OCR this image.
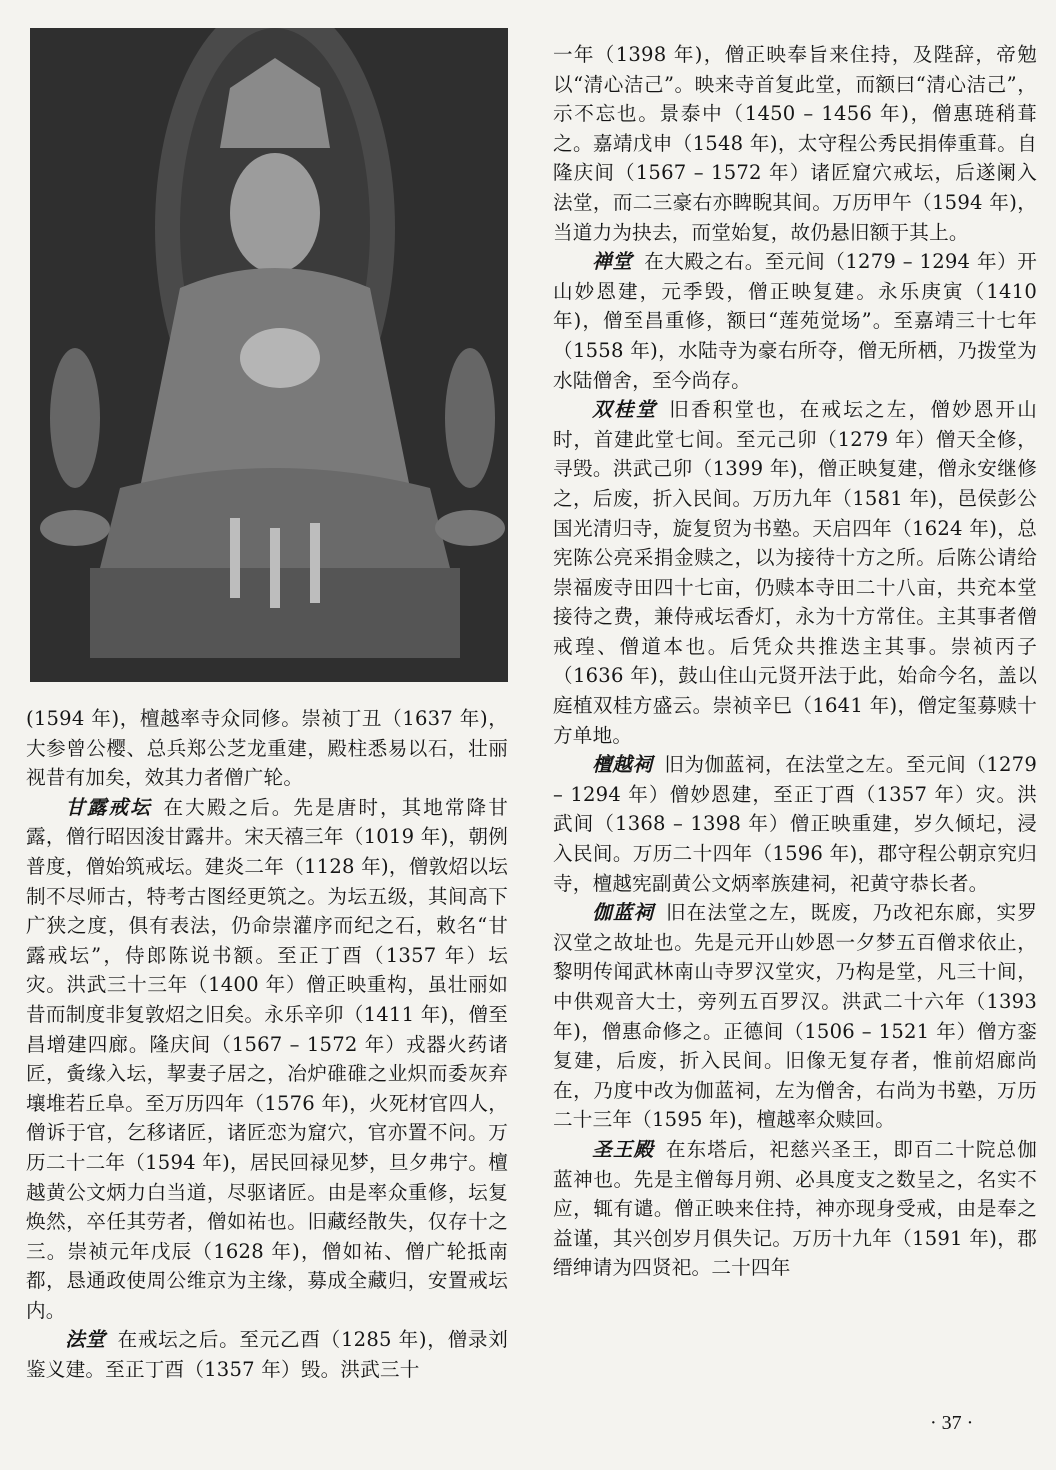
(1594 年)，檀越率寺众同修。崇祯丁丑（1637 年)，大参曾公樱、总兵郑公芝龙重建，殿柱悉易以石，壮丽视昔有加矣，效其力者僧广轮。

甘露戒坛 在大殿之后。先是唐时，其地常降甘露，僧行昭因浚甘露井。宋天禧三年（1019 年)，朝例普度，僧始筑戒坛。建炎二年（1128 年)，僧敦炤以坛制不尽师古，特考古图经更筑之。为坛五级，其间高下广狭之度，俱有表法，仍命崇灌序而纪之石，敕名“甘露戒坛”，侍郎陈说书额。至正丁酉（1357 年）坛灾。洪武三十三年（1400 年）僧正映重构，虽壮丽如昔而制度非复敦炤之旧矣。永乐辛卯（1411 年)，僧至昌增建四廊。隆庆间（1567 – 1572 年）戎器火药诸匠，夤缘入坛，挈妻子居之，冶炉碓碓之业炽而委灰弃壤堆若丘阜。至万历四年（1576 年)，火死材官四人，僧诉于官，乞移诸匠，诸匠恋为窟穴，官亦置不问。万历二十二年（1594 年)，居民回禄见梦，旦夕弗宁。檀越黄公文炳力白当道，尽驱诸匠。由是率众重修，坛复焕然，卒任其劳者，僧如祐也。旧藏经散失，仅存十之三。崇祯元年戊辰（1628 年)，僧如祐、僧广轮抵南都，恳通政使周公维京为主缘，募成全藏归，安置戒坛内。

法堂 在戒坛之后。至元乙酉（1285 年)，僧录刘鉴义建。至正丁酉（1357 年）毁。洪武三十

一年（1398 年)，僧正映奉旨来住持，及陛辞，帝勉以“清心洁己”。映来寺首复此堂，而额曰“清心洁己”，示不忘也。景泰中（1450 – 1456 年)，僧惠琏稍葺之。嘉靖戊申（1548 年)，太守程公秀民捐俸重葺。自隆庆间（1567 – 1572 年）诸匠窟穴戒坛，后遂阑入法堂，而二三豪右亦睥睨其间。万历甲午（1594 年)，当道力为抉去，而堂始复，故仍悬旧额于其上。

禅堂 在大殿之右。至元间（1279 – 1294 年）开山妙恩建，元季毁，僧正映复建。永乐庚寅（1410 年)，僧至昌重修，额曰“莲苑觉场”。至嘉靖三十七年（1558 年)，水陆寺为豪右所夺，僧无所栖，乃拨堂为水陆僧舍，至今尚存。

双桂堂 旧香积堂也，在戒坛之左，僧妙恩开山时，首建此堂七间。至元己卯（1279 年）僧天全修，寻毁。洪武己卯（1399 年)，僧正映复建，僧永安继修之，后废，折入民间。万历九年（1581 年)，邑侯彭公国光清归寺，旋复贸为书塾。天启四年（1624 年)，总宪陈公亮采捐金赎之，以为接待十方之所。后陈公请给崇福废寺田四十七亩，仍赎本寺田二十八亩，共充本堂接待之费，兼侍戒坛香灯，永为十方常住。主其事者僧戒瑝、僧道本也。后凭众共推迭主其事。崇祯丙子（1636 年)，鼓山住山元贤开法于此，始命今名，盖以庭植双桂方盛云。崇祯辛巳（1641 年)，僧定玺募赎十方单地。

檀越祠 旧为伽蓝祠，在法堂之左。至元间（1279 – 1294 年）僧妙恩建，至正丁酉（1357 年）灾。洪武间（1368 – 1398 年）僧正映重建，岁久倾圮，浸入民间。万历二十四年（1596 年)，郡守程公朝京究归寺，檀越宪副黄公文炳率族建祠，祀黄守恭长者。

伽蓝祠 旧在法堂之左，既废，乃改祀东廊，实罗汉堂之故址也。先是元开山妙恩一夕梦五百僧求依止，黎明传闻武林南山寺罗汉堂灾，乃构是堂，凡三十间，中供观音大士，旁列五百罗汉。洪武二十六年（1393 年)，僧惠命修之。正德间（1506 – 1521 年）僧方銮复建，后废，折入民间。旧像无复存者，惟前炤廊尚在，乃度中改为伽蓝祠，左为僧舍，右尚为书塾，万历二十三年（1595 年)，檀越率众赎回。

圣王殿 在东塔后，祀慈兴圣王，即百二十院总伽蓝神也。先是主僧每月朔、必具度支之数呈之，名实不应，辄有谴。僧正映来住持，神亦现身受戒，由是奉之益谨，其兴创岁月俱失记。万历十九年（1591 年)，郡缙绅请为四贤祀。二十四年

· 37 ·
